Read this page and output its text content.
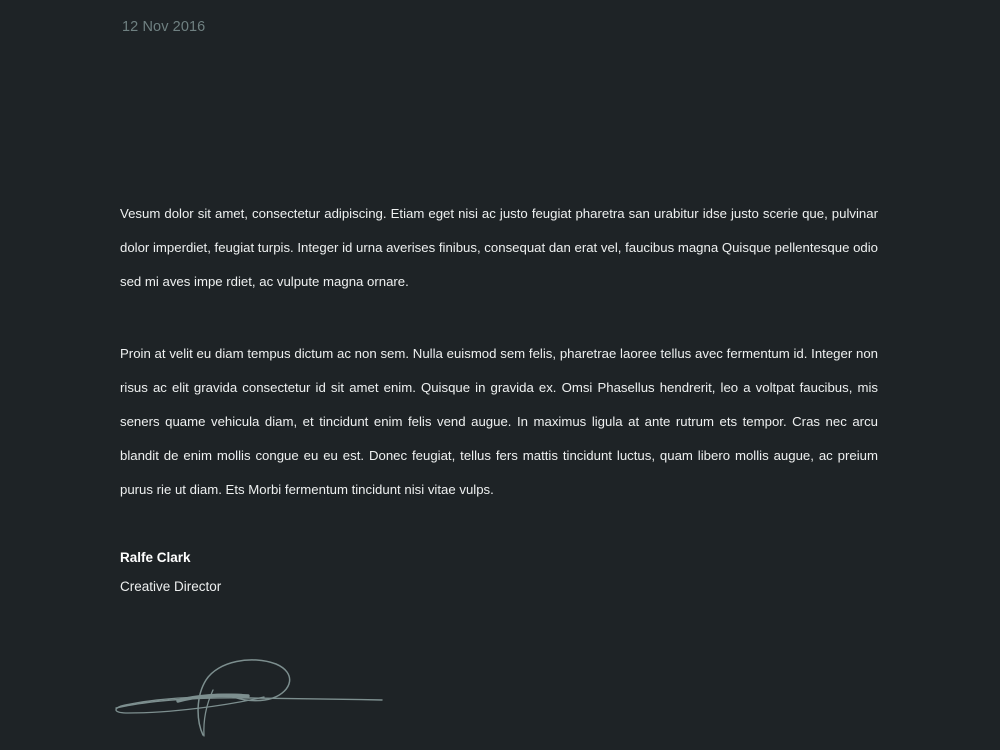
12 Nov 2016

Vesum dolor sit amet, consectetur adipiscing. Etiam eget nisi ac justo feugiat pharetra san urabitur idse justo scerie que, pulvinar dolor imperdiet, feugiat turpis. Integer id urna averises finibus, consequat dan erat vel, faucibus magna Quisque pellentesque odio sed mi aves impe rdiet, ac vulpute magna ornare.

Proin at velit eu diam tempus dictum ac non sem. Nulla euismod sem felis, pharetrae laoree tellus avec fermentum id. Integer non risus ac elit gravida consectetur id sit amet enim. Quisque in gravida ex. Omsi Phasellus hendrerit, leo a voltpat faucibus, mis seners quame vehicula diam, et tincidunt enim felis vend augue. In maximus ligula at ante rutrum ets tempor. Cras nec arcu blandit de enim mollis congue eu eu est. Donec feugiat, tellus fers mattis tincidunt luctus, quam libero mollis augue, ac preium purus rie ut diam. Ets Morbi fermentum tincidunt nisi vitae vulps.

Ralfe Clark
Creative Director
